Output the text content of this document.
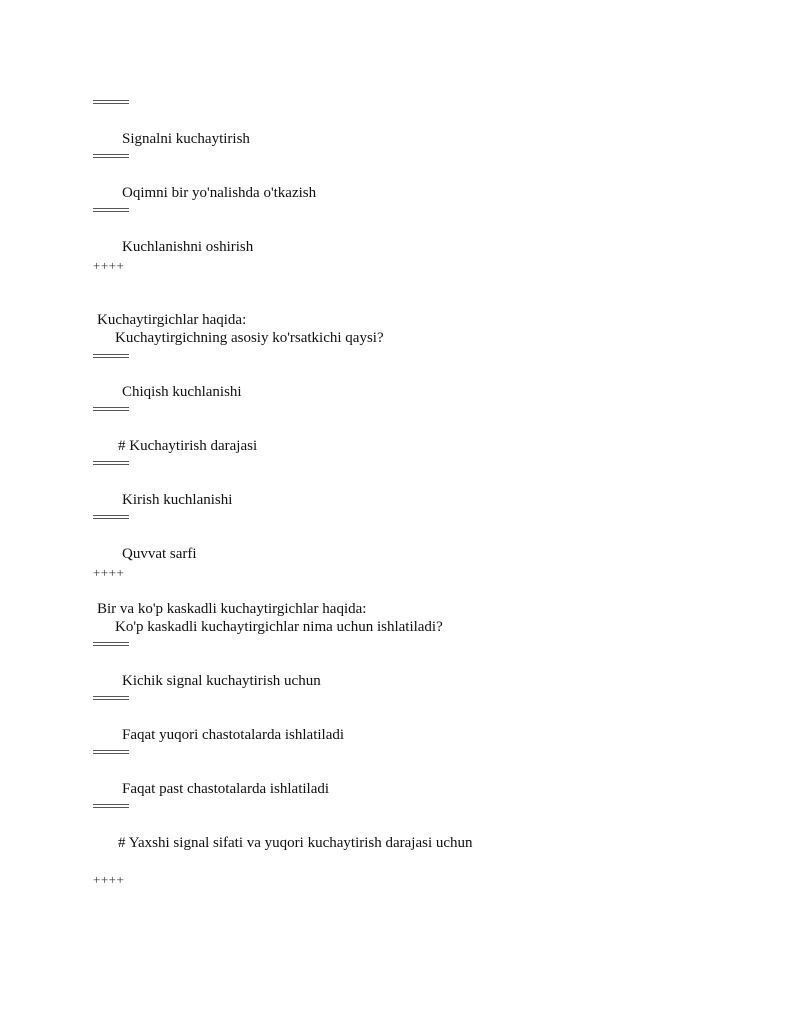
Signalni kuchaytirish
Oqimni bir yo'nalishda o'tkazish
Kuchlanishni oshirish
++++
Kuchaytirgichlar haqida:
Kuchaytirgichning asosiy ko'rsatkichi qaysi?
Chiqish kuchlanishi
# Kuchaytirish darajasi
Kirish kuchlanishi
Quvvat sarfi
++++
Bir va ko'p kaskadli kuchaytirgichlar haqida:
Ko'p kaskadli kuchaytirgichlar nima uchun ishlatiladi?
Kichik signal kuchaytirish uchun
Faqat yuqori chastotalarda ishlatiladi
Faqat past chastotalarda ishlatiladi
# Yaxshi signal sifati va yuqori kuchaytirish darajasi uchun
++++
